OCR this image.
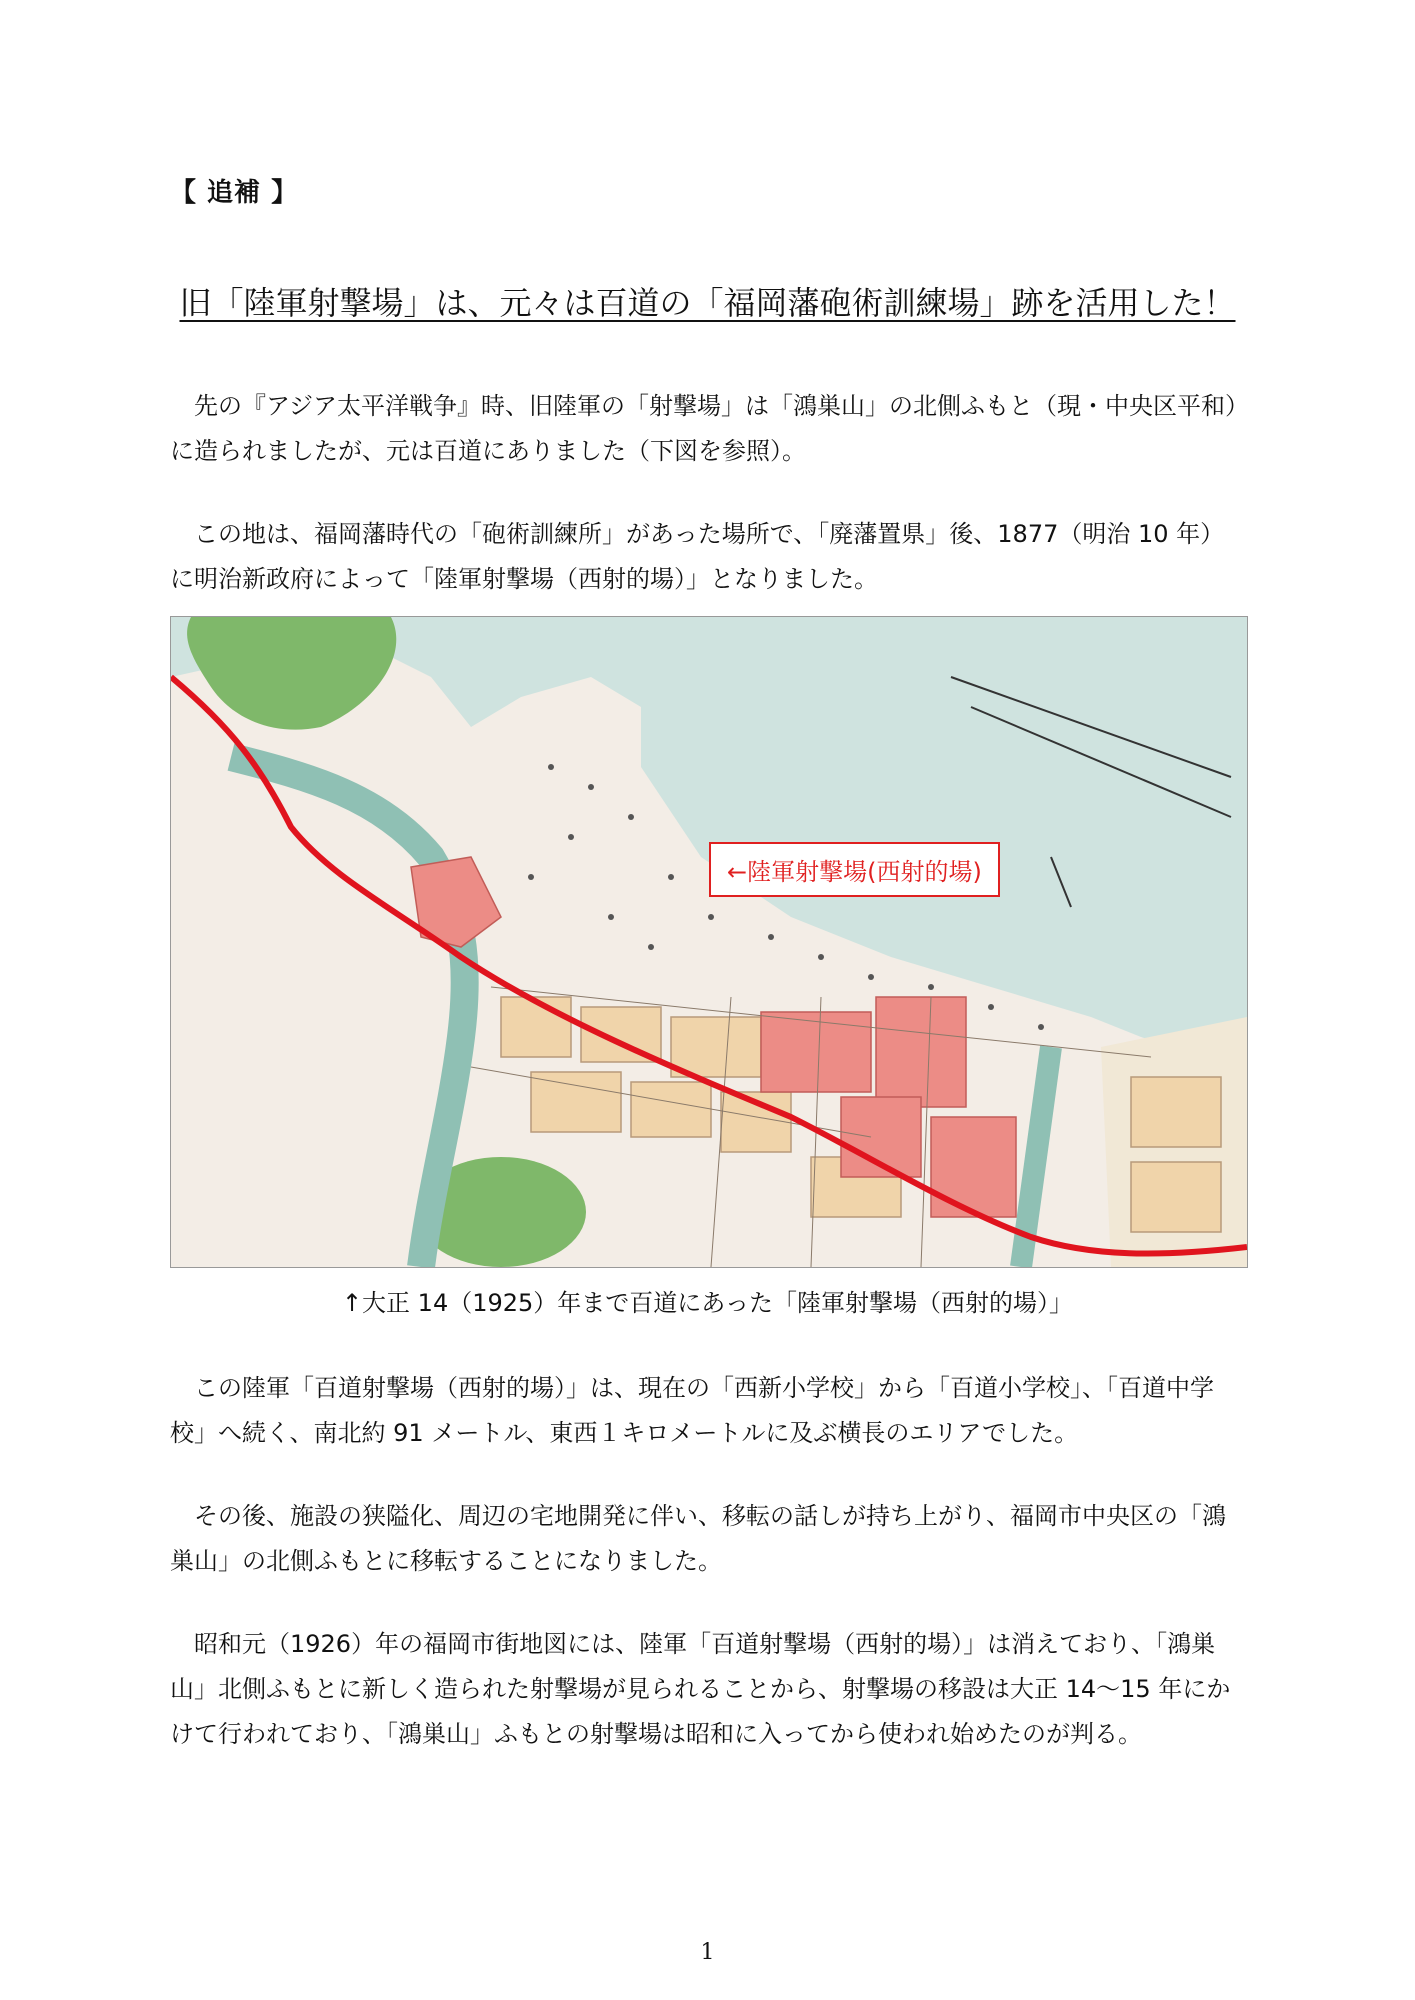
【 追補 】
旧「陸軍射撃場」は、元々は百道の「福岡藩砲術訓練場」跡を活用した！

先の『アジア太平洋戦争』時、旧陸軍の「射撃場」は「鴻巣山」の北側ふもと（現・中央区平和）に造られましたが、元は百道にありました（下図を参照）。

この地は、福岡藩時代の「砲術訓練所」があった場所で、「廃藩置県」後、1877（明治 10 年）に明治新政府によって「陸軍射撃場（西射的場）」となりました。

←陸軍射撃場(西射的場)
↑大正 14（1925）年まで百道にあった「陸軍射撃場（西射的場）」

この陸軍「百道射撃場（西射的場）」は、現在の「西新小学校」から「百道小学校」、「百道中学校」へ続く、南北約 91 メートル、東西１キロメートルに及ぶ横長のエリアでした。

その後、施設の狭隘化、周辺の宅地開発に伴い、移転の話しが持ち上がり、福岡市中央区の「鴻巣山」の北側ふもとに移転することになりました。

昭和元（1926）年の福岡市街地図には、陸軍「百道射撃場（西射的場）」は消えており、「鴻巣山」北側ふもとに新しく造られた射撃場が見られることから、射撃場の移設は大正 14～15 年にかけて行われており、「鴻巣山」ふもとの射撃場は昭和に入ってから使われ始めたのが判る。

1
